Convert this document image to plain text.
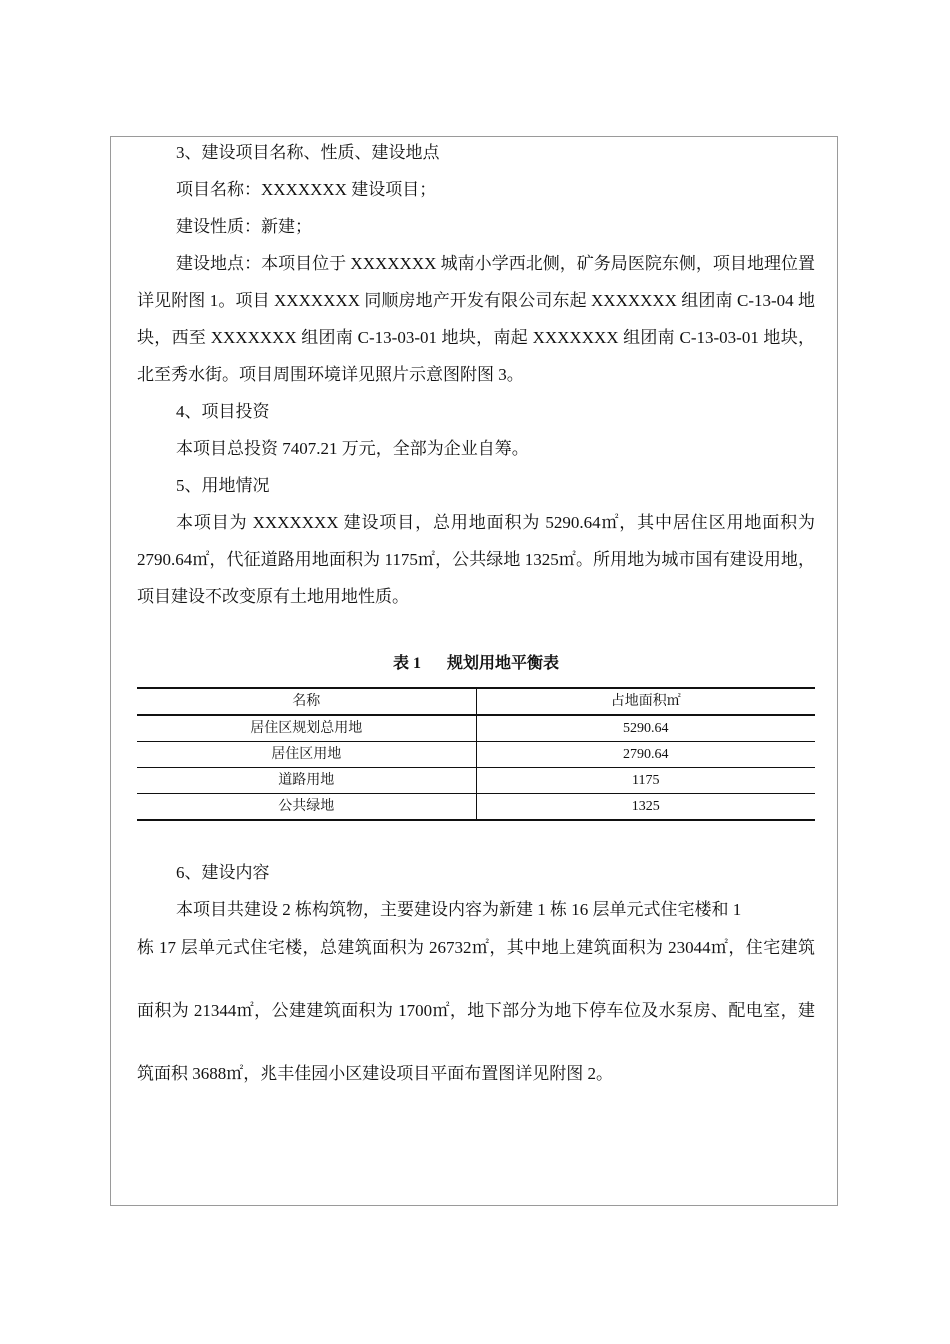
3、建设项目名称、性质、建设地点

项目名称：XXXXXXX 建设项目；

建设性质：新建；

建设地点：本项目位于 XXXXXXX 城南小学西北侧，矿务局医院东侧，项目地理位置详见附图 1。项目 XXXXXXX 同顺房地产开发有限公司东起 XXXXXXX 组团南 C-13-04 地块，西至 XXXXXXX 组团南 C-13-03-01 地块，南起 XXXXXXX 组团南 C-13-03-01 地块，北至秀水街。项目周围环境详见照片示意图附图 3。

4、项目投资

本项目总投资 7407.21 万元，全部为企业自筹。

5、用地情况

本项目为 XXXXXXX 建设项目，总用地面积为 5290.64㎡，其中居住区用地面积为 2790.64㎡，代征道路用地面积为 1175㎡，公共绿地 1325㎡。所用地为城市国有建设用地，项目建设不改变原有土地用地性质。

表 1 规划用地平衡表
名称	占地面积㎡
居住区规划总用地	5290.64
居住区用地	2790.64
道路用地	1175
公共绿地	1325

6、建设内容

本项目共建设 2 栋构筑物，主要建设内容为新建 1 栋 16 层单元式住宅楼和 1

栋 17 层单元式住宅楼，总建筑面积为 26732㎡，其中地上建筑面积为 23044㎡，住宅建筑面积为 21344㎡，公建建筑面积为 1700㎡，地下部分为地下停车位及水泵房、配电室，建筑面积 3688㎡，兆丰佳园小区建设项目平面布置图详见附图 2。
